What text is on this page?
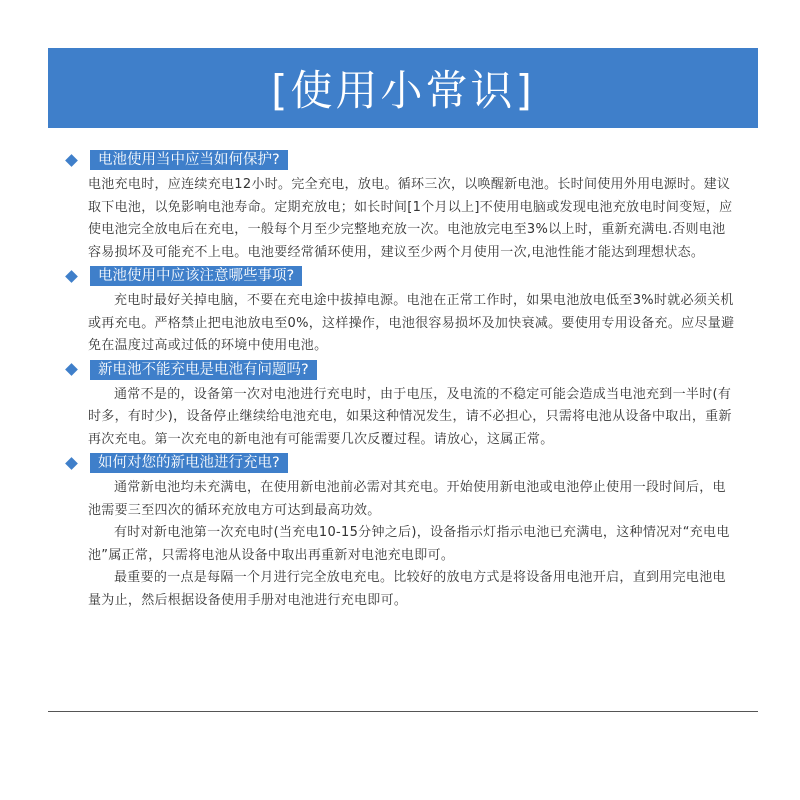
[使用小常识]
电池使用当中应当如何保护?

电池充电时，应连续充电12小时。完全充电，放电。循环三次，以唤醒新电池。长时间使用外用电源时。建议取下电池，以免影响电池寿命。定期充放电；如长时间[1个月以上]不使用电脑或发现电池充放电时间变短，应使电池完全放电后在充电，一般每个月至少完整地充放一次。电池放完电至3%以上时，重新充满电.否则电池容易损坏及可能充不上电。电池要经常循环使用，建议至少两个月使用一次,电池性能才能达到理想状态。

电池使用中应该注意哪些事项?

充电时最好关掉电脑，不要在充电途中拔掉电源。电池在正常工作时，如果电池放电低至3%时就必须关机或再充电。严格禁止把电池放电至0%，这样操作，电池很容易损坏及加快衰减。要使用专用设备充。应尽量避免在温度过高或过低的环境中使用电池。

新电池不能充电是电池有问题吗?

通常不是的，设备第一次对电池进行充电时，由于电压，及电流的不稳定可能会造成当电池充到一半时(有时多，有时少)，设备停止继续给电池充电，如果这种情况发生，请不必担心，只需将电池从设备中取出，重新再次充电。第一次充电的新电池有可能需要几次反覆过程。请放心，这属正常。

如何对您的新电池进行充电?

通常新电池均未充满电，在使用新电池前必需对其充电。开始使用新电池或电池停止使用一段时间后，电池需要三至四次的循环充放电方可达到最高功效。

有时对新电池第一次充电时(当充电10-15分钟之后)，设备指示灯指示电池已充满电，这种情况对“充电电池”属正常，只需将电池从设备中取出再重新对电池充电即可。

最重要的一点是每隔一个月进行完全放电充电。比较好的放电方式是将设备用电池开启，直到用完电池电量为止，然后根据设备使用手册对电池进行充电即可。
